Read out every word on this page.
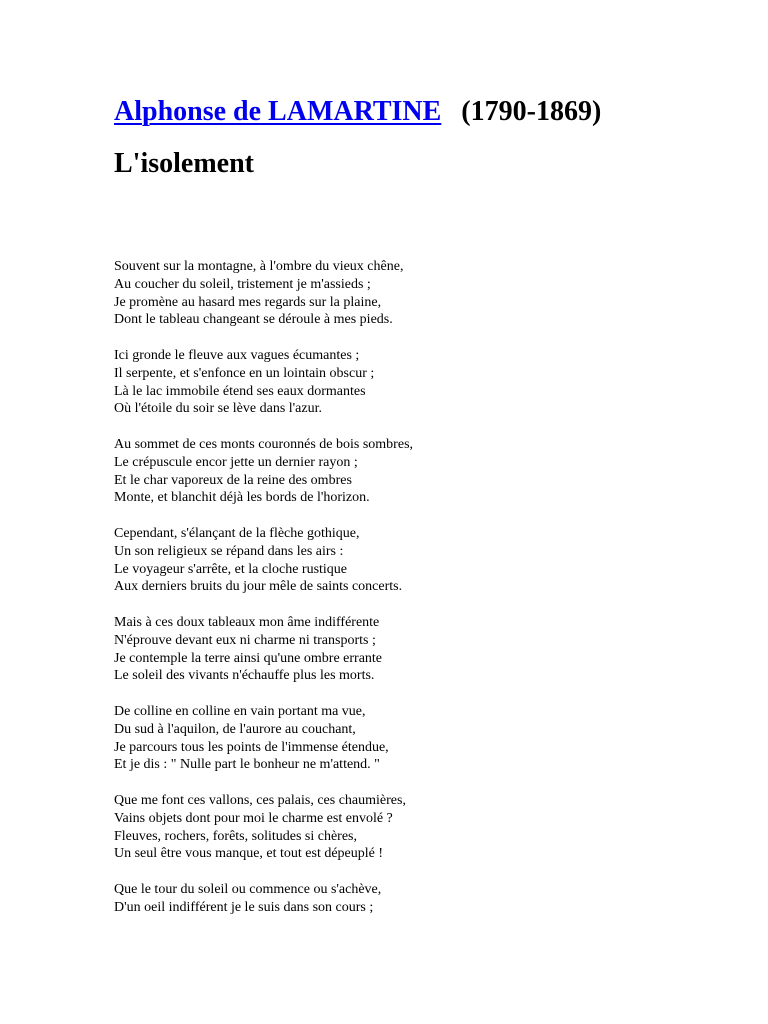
Alphonse de LAMARTINE (1790-1869)
L'isolement
Souvent sur la montagne, à l'ombre du vieux chêne,
Au coucher du soleil, tristement je m'assieds ;
Je promène au hasard mes regards sur la plaine,
Dont le tableau changeant se déroule à mes pieds.
Ici gronde le fleuve aux vagues écumantes ;
Il serpente, et s'enfonce en un lointain obscur ;
Là le lac immobile étend ses eaux dormantes
Où l'étoile du soir se lève dans l'azur.
Au sommet de ces monts couronnés de bois sombres,
Le crépuscule encor jette un dernier rayon ;
Et le char vaporeux de la reine des ombres
Monte, et blanchit déjà les bords de l'horizon.
Cependant, s'élançant de la flèche gothique,
Un son religieux se répand dans les airs :
Le voyageur s'arrête, et la cloche rustique
Aux derniers bruits du jour mêle de saints concerts.
Mais à ces doux tableaux mon âme indifférente
N'éprouve devant eux ni charme ni transports ;
Je contemple la terre ainsi qu'une ombre errante
Le soleil des vivants n'échauffe plus les morts.
De colline en colline en vain portant ma vue,
Du sud à l'aquilon, de l'aurore au couchant,
Je parcours tous les points de l'immense étendue,
Et je dis : " Nulle part le bonheur ne m'attend. "
Que me font ces vallons, ces palais, ces chaumières,
Vains objets dont pour moi le charme est envolé ?
Fleuves, rochers, forêts, solitudes si chères,
Un seul être vous manque, et tout est dépeuplé !
Que le tour du soleil ou commence ou s'achève,
D'un oeil indifférent je le suis dans son cours ;
